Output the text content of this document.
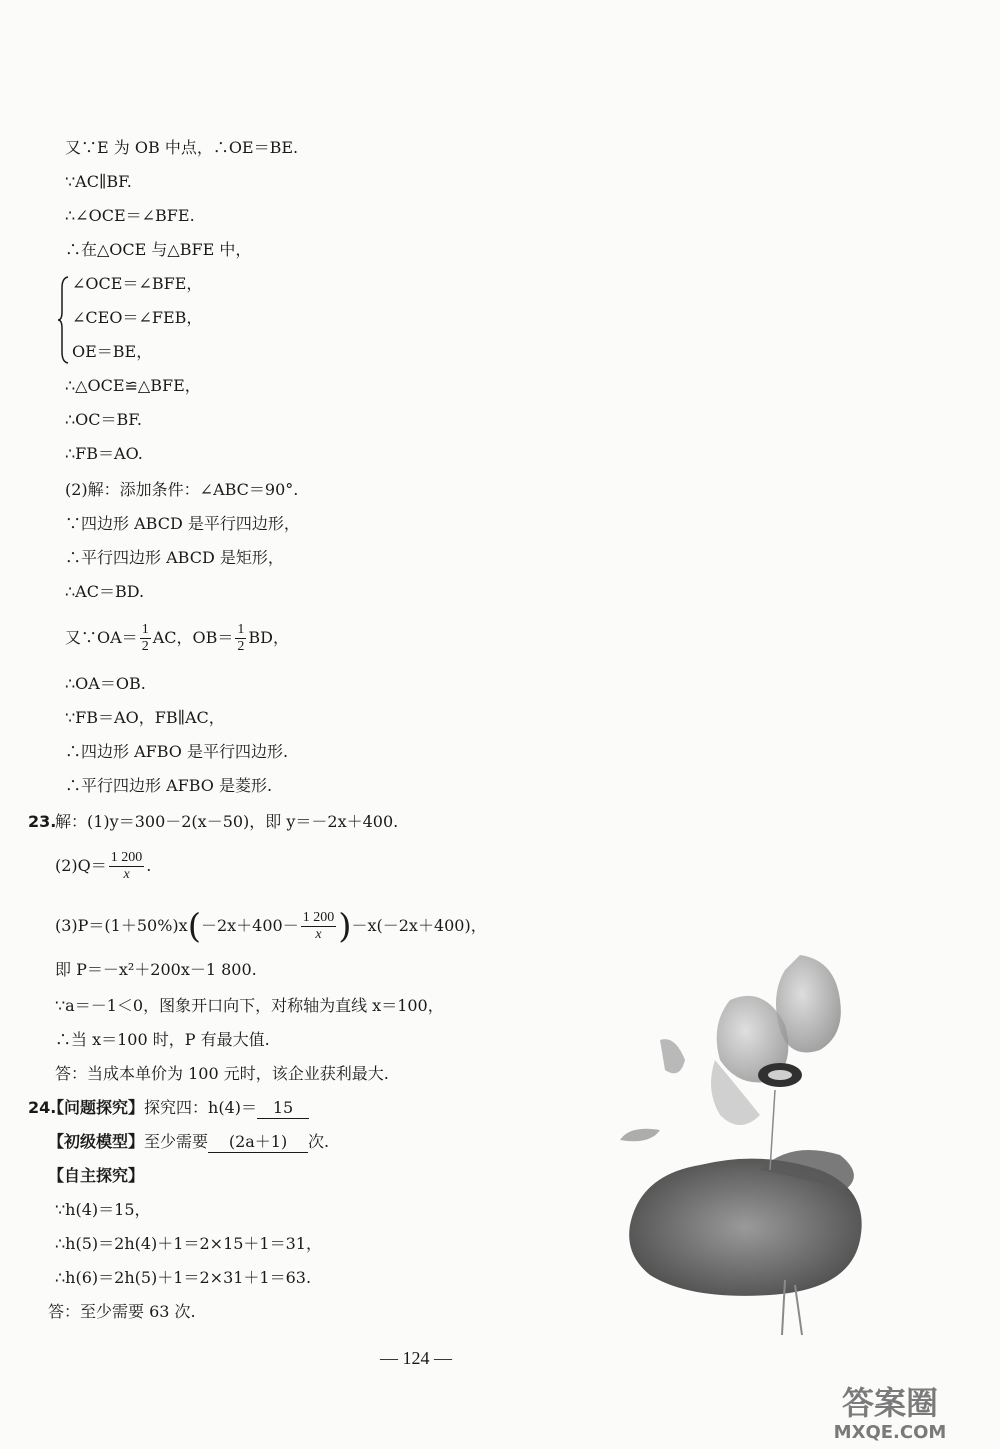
又∵E 为 OB 中点，∴OE＝BE.
∵AC∥BF.
∴∠OCE＝∠BFE.
∴在△OCE 与△BFE 中，
∠OCE＝∠BFE，
∠CEO＝∠FEB，
OE＝BE，
∴△OCE≌△BFE，
∴OC＝BF.
∴FB＝AO.
(2)解：添加条件：∠ABC＝90°.
∵四边形 ABCD 是平行四边形，
∴平行四边形 ABCD 是矩形，
∴AC＝BD.
又∵OA＝ $\frac{1}{2}$ AC，$OB= \frac{1}{2}$ BD，
∴OA＝OB.
∵FB＝AO，FB∥AC，
∴四边形 AFBO 是平行四边形.
∴平行四边形 AFBO 是菱形.
23.
解：(1)y＝300－2(x－50)，即 y＝－2x＋400.
$(2)Q= \frac{1 200}{x}$ .
$(3)P=(1+50\%)x(-2x+400- \frac{1 200}{x} )-x(-2x+400)$，
即 P＝－x²＋200x－1 800.
∵a＝－1＜0，图象开口向下，对称轴为直线 x＝100，
∴当 x＝100 时，P 有最大值.
答：当成本单价为 100 元时，该企业获利最大.
24.
【问题探究】探究四：h(4)＝ 15
【初级模型】至少需要 (2a＋1) 次.
【自主探究】
∵h(4)＝15，
∴h(5)＝2h(4)＋1＝2×15＋1＝31，
∴h(6)＝2h(5)＋1＝2×31＋1＝63.
答：至少需要 63 次.
— 124 —
答案圈
MXQE.COM
